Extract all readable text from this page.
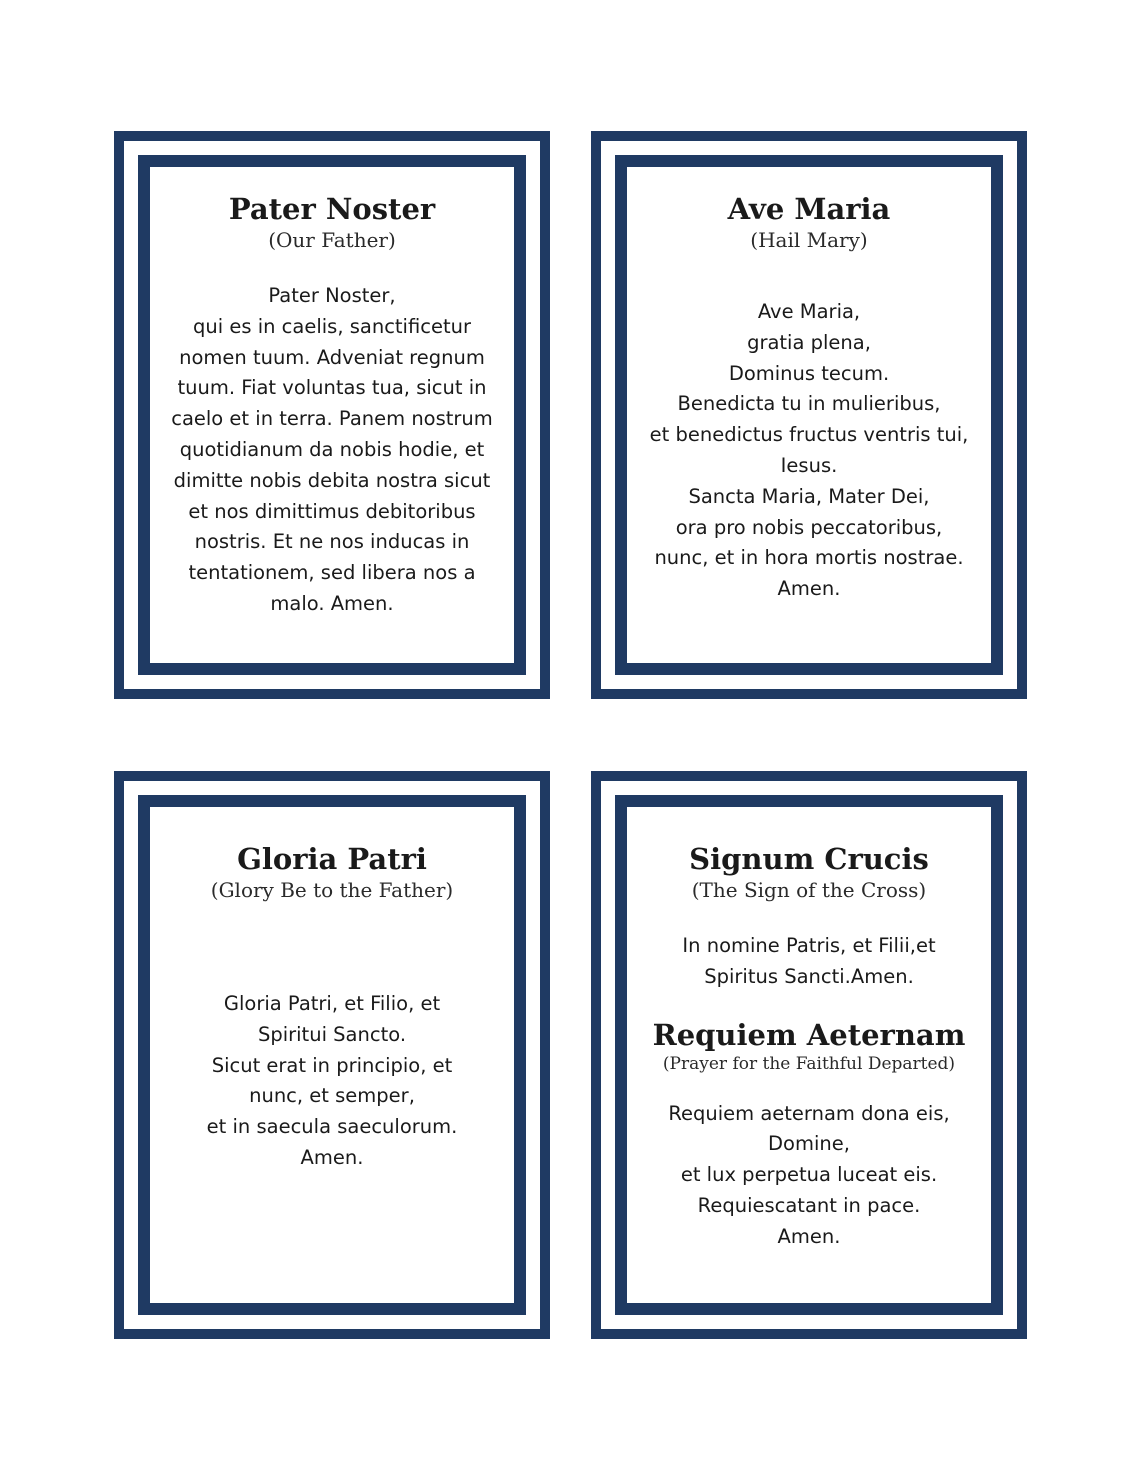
Pater Noster
(Our Father)

Pater Noster,
qui es in caelis, sanctificetur
nomen tuum. Adveniat regnum
tuum. Fiat voluntas tua, sicut in
caelo et in terra. Panem nostrum
quotidianum da nobis hodie, et
dimitte nobis debita nostra sicut
et nos dimittimus debitoribus
nostris. Et ne nos inducas in
tentationem, sed libera nos a
malo. Amen.

Ave Maria
(Hail Mary)

Ave Maria,
gratia plena,
Dominus tecum.
Benedicta tu in mulieribus,
et benedictus fructus ventris tui,
Iesus.
Sancta Maria, Mater Dei,
ora pro nobis peccatoribus,
nunc, et in hora mortis nostrae.
Amen.

Gloria Patri
(Glory Be to the Father)

Gloria Patri, et Filio, et
Spiritui Sancto.
Sicut erat in principio, et
nunc, et semper,
et in saecula saeculorum.
Amen.

Signum Crucis
(The Sign of the Cross)

In nomine Patris, et Filii,et
Spiritus Sancti.Amen.

Requiem Aeternam
(Prayer for the Faithful Departed)

Requiem aeternam dona eis,
Domine,
et lux perpetua luceat eis.
Requiescatant in pace.
Amen.
